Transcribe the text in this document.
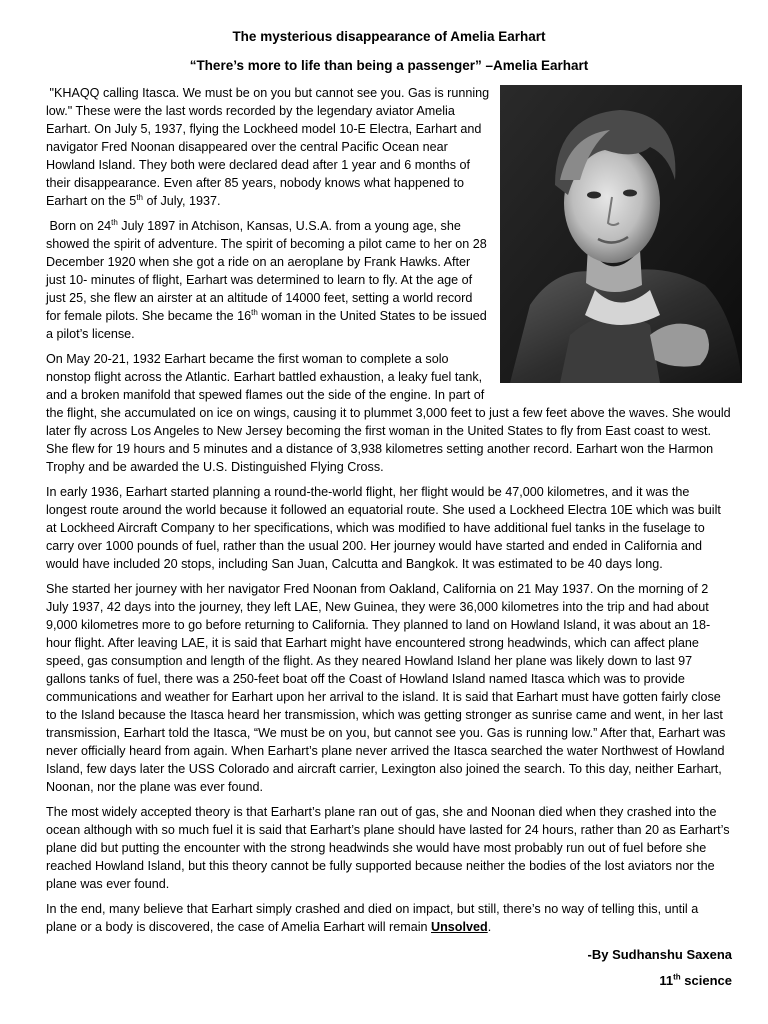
The mysterious disappearance of Amelia Earhart
“There’s more to life than being a passenger” –Amelia Earhart

"KHAQQ calling Itasca. We must be on you but cannot see you. Gas is running low." These were the last words recorded by the legendary aviator Amelia Earhart. On July 5, 1937, flying the Lockheed model 10-E Electra, Earhart and navigator Fred Noonan disappeared over the central Pacific Ocean near Howland Island. They both were declared dead after 1 year and 6 months of their disappearance. Even after 85 years, nobody knows what happened to Earhart on the 5th of July, 1937.

Born on 24th July 1897 in Atchison, Kansas, U.S.A. from a young age, she showed the spirit of adventure. The spirit of becoming a pilot came to her on 28 December 1920 when she got a ride on an aeroplane by Frank Hawks. After just 10- minutes of flight, Earhart was determined to learn to fly. At the age of just 25, she flew an airster at an altitude of 14000 feet, setting a world record for female pilots. She became the 16th woman in the United States to be issued a pilot’s license.

On May 20-21, 1932 Earhart became the first woman to complete a solo nonstop flight across the Atlantic. Earhart battled exhaustion, a leaky fuel tank, and a broken manifold that spewed flames out the side of the engine. In part of the flight, she accumulated on ice on wings, causing it to plummet 3,000 feet to just a few feet above the waves. She would later fly across Los Angeles to New Jersey becoming the first woman in the United States to fly from East coast to west. She flew for 19 hours and 5 minutes and a distance of 3,938 kilometres setting another record. Earhart won the Harmon Trophy and be awarded the U.S. Distinguished Flying Cross.

In early 1936, Earhart started planning a round-the-world flight, her flight would be 47,000 kilometres, and it was the longest route around the world because it followed an equatorial route. She used a Lockheed Electra 10E which was built at Lockheed Aircraft Company to her specifications, which was modified to have additional fuel tanks in the fuselage to carry over 1000 pounds of fuel, rather than the usual 200. Her journey would have started and ended in California and would have included 20 stops, including San Juan, Calcutta and Bangkok. It was estimated to be 40 days long.

She started her journey with her navigator Fred Noonan from Oakland, California on 21 May 1937. On the morning of 2 July 1937, 42 days into the journey, they left LAE, New Guinea, they were 36,000 kilometres into the trip and had about 9,000 kilometres more to go before returning to California. They planned to land on Howland Island, it was about an 18-hour flight. After leaving LAE, it is said that Earhart might have encountered strong headwinds, which can affect plane speed, gas consumption and length of the flight. As they neared Howland Island her plane was likely down to last 97 gallons tanks of fuel, there was a 250-feet boat off the Coast of Howland Island named Itasca which was to provide communications and weather for Earhart upon her arrival to the island. It is said that Earhart must have gotten fairly close to the Island because the Itasca heard her transmission, which was getting stronger as sunrise came and went, in her last transmission, Earhart told the Itasca, “We must be on you, but cannot see you. Gas is running low.” After that, Earhart was never officially heard from again. When Earhart’s plane never arrived the Itasca searched the water Northwest of Howland Island, few days later the USS Colorado and aircraft carrier, Lexington also joined the search. To this day, neither Earhart, Noonan, nor the plane was ever found.

The most widely accepted theory is that Earhart’s plane ran out of gas, she and Noonan died when they crashed into the ocean although with so much fuel it is said that Earhart’s plane should have lasted for 24 hours, rather than 20 as Earhart’s plane did but putting the encounter with the strong headwinds she would have most probably run out of fuel before she reached Howland Island, but this theory cannot be fully supported because neither the bodies of the lost aviators nor the plane was ever found.

In the end, many believe that Earhart simply crashed and died on impact, but still, there’s no way of telling this, until a plane or a body is discovered, the case of Amelia Earhart will remain Unsolved.

-By Sudhanshu Saxena
11th science
